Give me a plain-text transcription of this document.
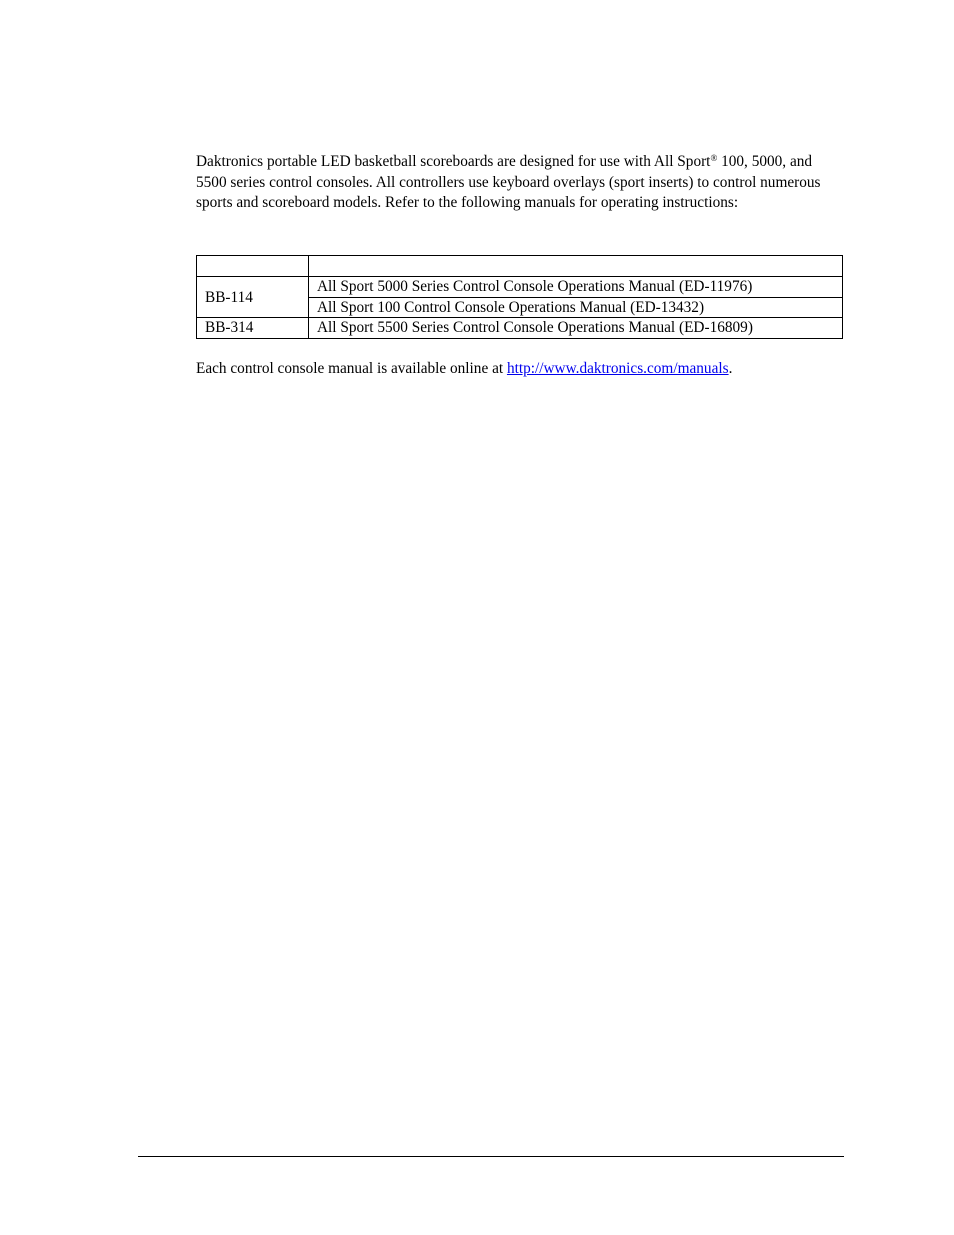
Daktronics portable LED basketball scoreboards are designed for use with All Sport® 100, 5000, and 5500 series control consoles. All controllers use keyboard overlays (sport inserts) to control numerous sports and scoreboard models. Refer to the following manuals for operating instructions:

BB-114	All Sport 5000 Series Control Console Operations Manual (ED-11976)
	All Sport 100 Control Console Operations Manual (ED-13432)
BB-314	All Sport 5500 Series Control Console Operations Manual (ED-16809)

Each control console manual is available online at http://www.daktronics.com/manuals.
